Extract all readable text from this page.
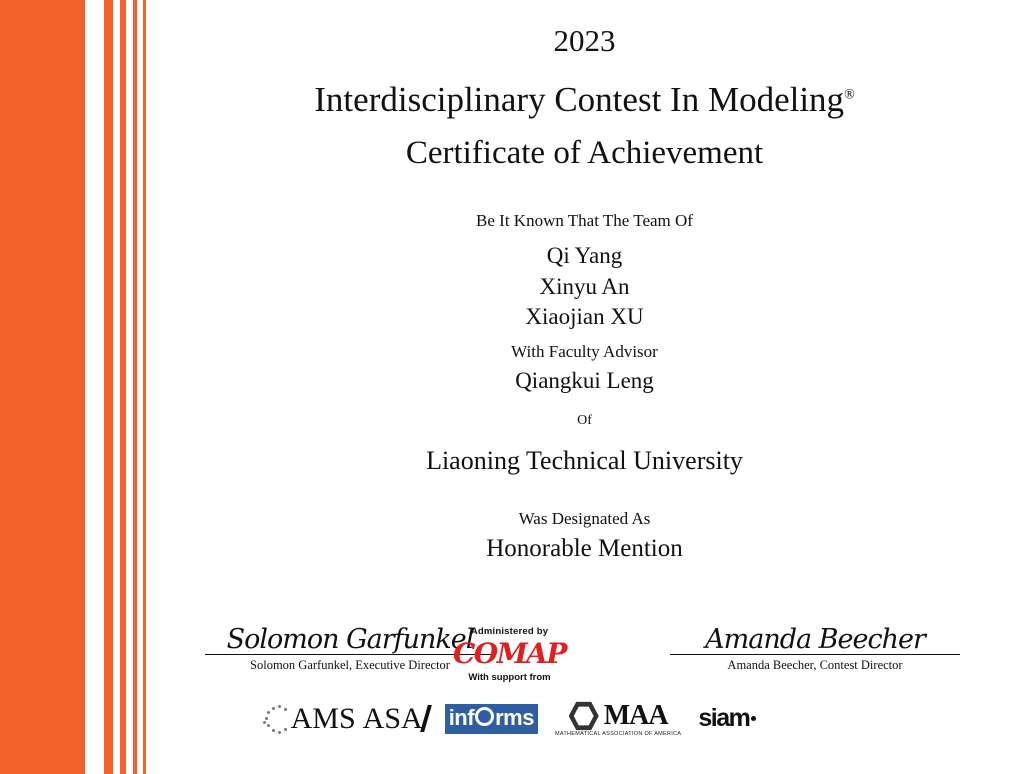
2023
Interdisciplinary Contest In Modeling®
Certificate of Achievement
Be It Known That The Team Of
Qi Yang
Xinyu An
Xiaojian XU
With Faculty Advisor
Qiangkui Leng
Of
Liaoning Technical University
Was Designated As
Honorable Mention
Solomon Garfunkel
Solomon Garfunkel, Executive Director
Amanda Beecher
Amanda Beecher, Contest Director
Administered by
COMAP
With support from
AMS ASA inf rms MAA
MATHEMATICAL ASSOCIATION OF AMERICA
siam
